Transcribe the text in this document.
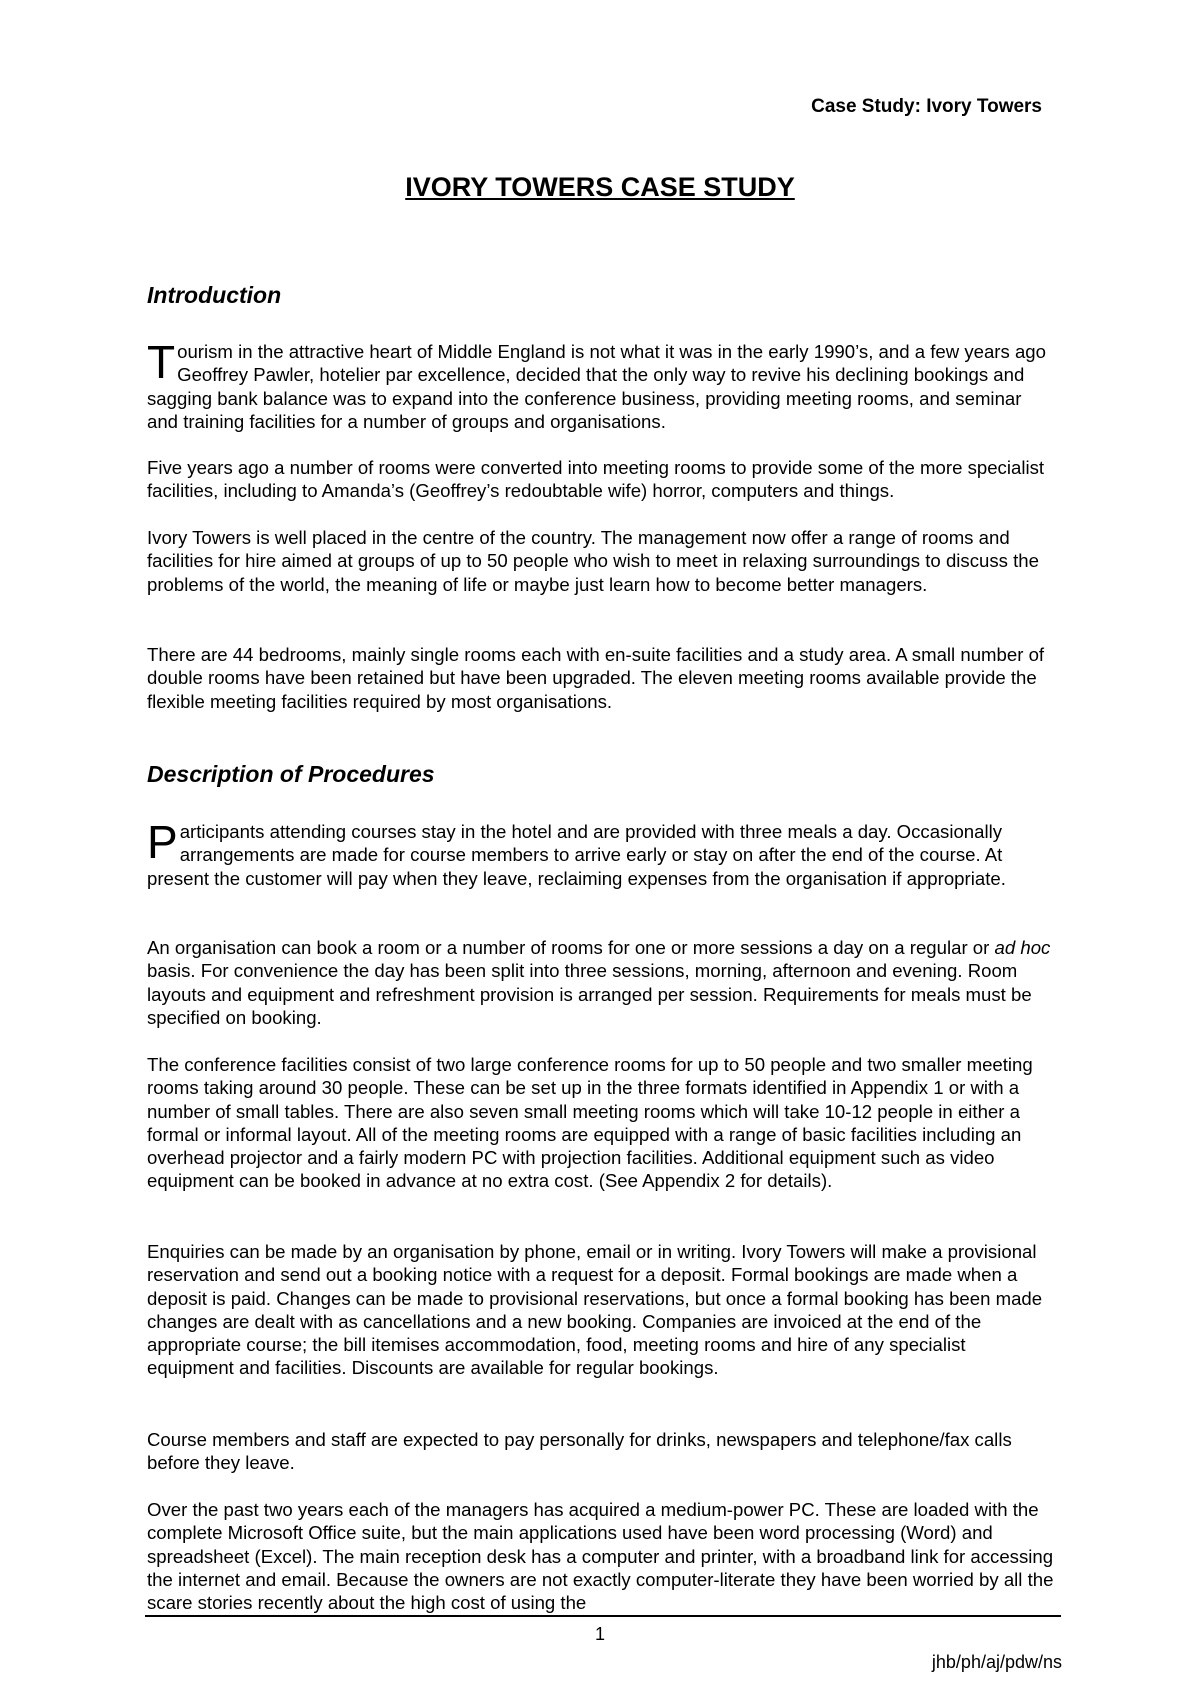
Case Study: Ivory Towers
IVORY TOWERS CASE STUDY
Introduction
Tourism in the attractive heart of Middle England is not what it was in the early 1990’s, and a few years ago Geoffrey Pawler, hotelier par excellence, decided that the only way to revive his declining bookings and sagging bank balance was to expand into the conference business, providing meeting rooms, and seminar and training facilities for a number of groups and organisations.
Five years ago a number of rooms were converted into meeting rooms to provide some of the more specialist facilities, including to Amanda’s (Geoffrey’s redoubtable wife) horror, computers and things.
Ivory Towers is well placed in the centre of the country. The management now offer a range of rooms and facilities for hire aimed at groups of up to 50 people who wish to meet in relaxing surroundings to discuss the problems of the world, the meaning of life or maybe just learn how to become better managers.
There are 44 bedrooms, mainly single rooms each with en-suite facilities and a study area. A small number of double rooms have been retained but have been upgraded. The eleven meeting rooms available provide the flexible meeting facilities required by most organisations.
Description of Procedures
Participants attending courses stay in the hotel and are provided with three meals a day. Occasionally arrangements are made for course members to arrive early or stay on after the end of the course. At present the customer will pay when they leave, reclaiming expenses from the organisation if appropriate.
An organisation can book a room or a number of rooms for one or more sessions a day on a regular or ad hoc basis. For convenience the day has been split into three sessions, morning, afternoon and evening. Room layouts and equipment and refreshment provision is arranged per session. Requirements for meals must be specified on booking.
The conference facilities consist of two large conference rooms for up to 50 people and two smaller meeting rooms taking around 30 people. These can be set up in the three formats identified in Appendix 1 or with a number of small tables. There are also seven small meeting rooms which will take 10-12 people in either a formal or informal layout. All of the meeting rooms are equipped with a range of basic facilities including an overhead projector and a fairly modern PC with projection facilities. Additional equipment such as video equipment can be booked in advance at no extra cost. (See Appendix 2 for details).
Enquiries can be made by an organisation by phone, email or in writing. Ivory Towers will make a provisional reservation and send out a booking notice with a request for a deposit. Formal bookings are made when a deposit is paid. Changes can be made to provisional reservations, but once a formal booking has been made changes are dealt with as cancellations and a new booking. Companies are invoiced at the end of the appropriate course; the bill itemises accommodation, food, meeting rooms and hire of any specialist equipment and facilities. Discounts are available for regular bookings.
Course members and staff are expected to pay personally for drinks, newspapers and telephone/fax calls before they leave.
Over the past two years each of the managers has acquired a medium-power PC. These are loaded with the complete Microsoft Office suite, but the main applications used have been word processing (Word) and spreadsheet (Excel). The main reception desk has a computer and printer, with a broadband link for accessing the internet and email. Because the owners are not exactly computer-literate they have been worried by all the scare stories recently about the high cost of using the
1
jhb/ph/aj/pdw/ns
